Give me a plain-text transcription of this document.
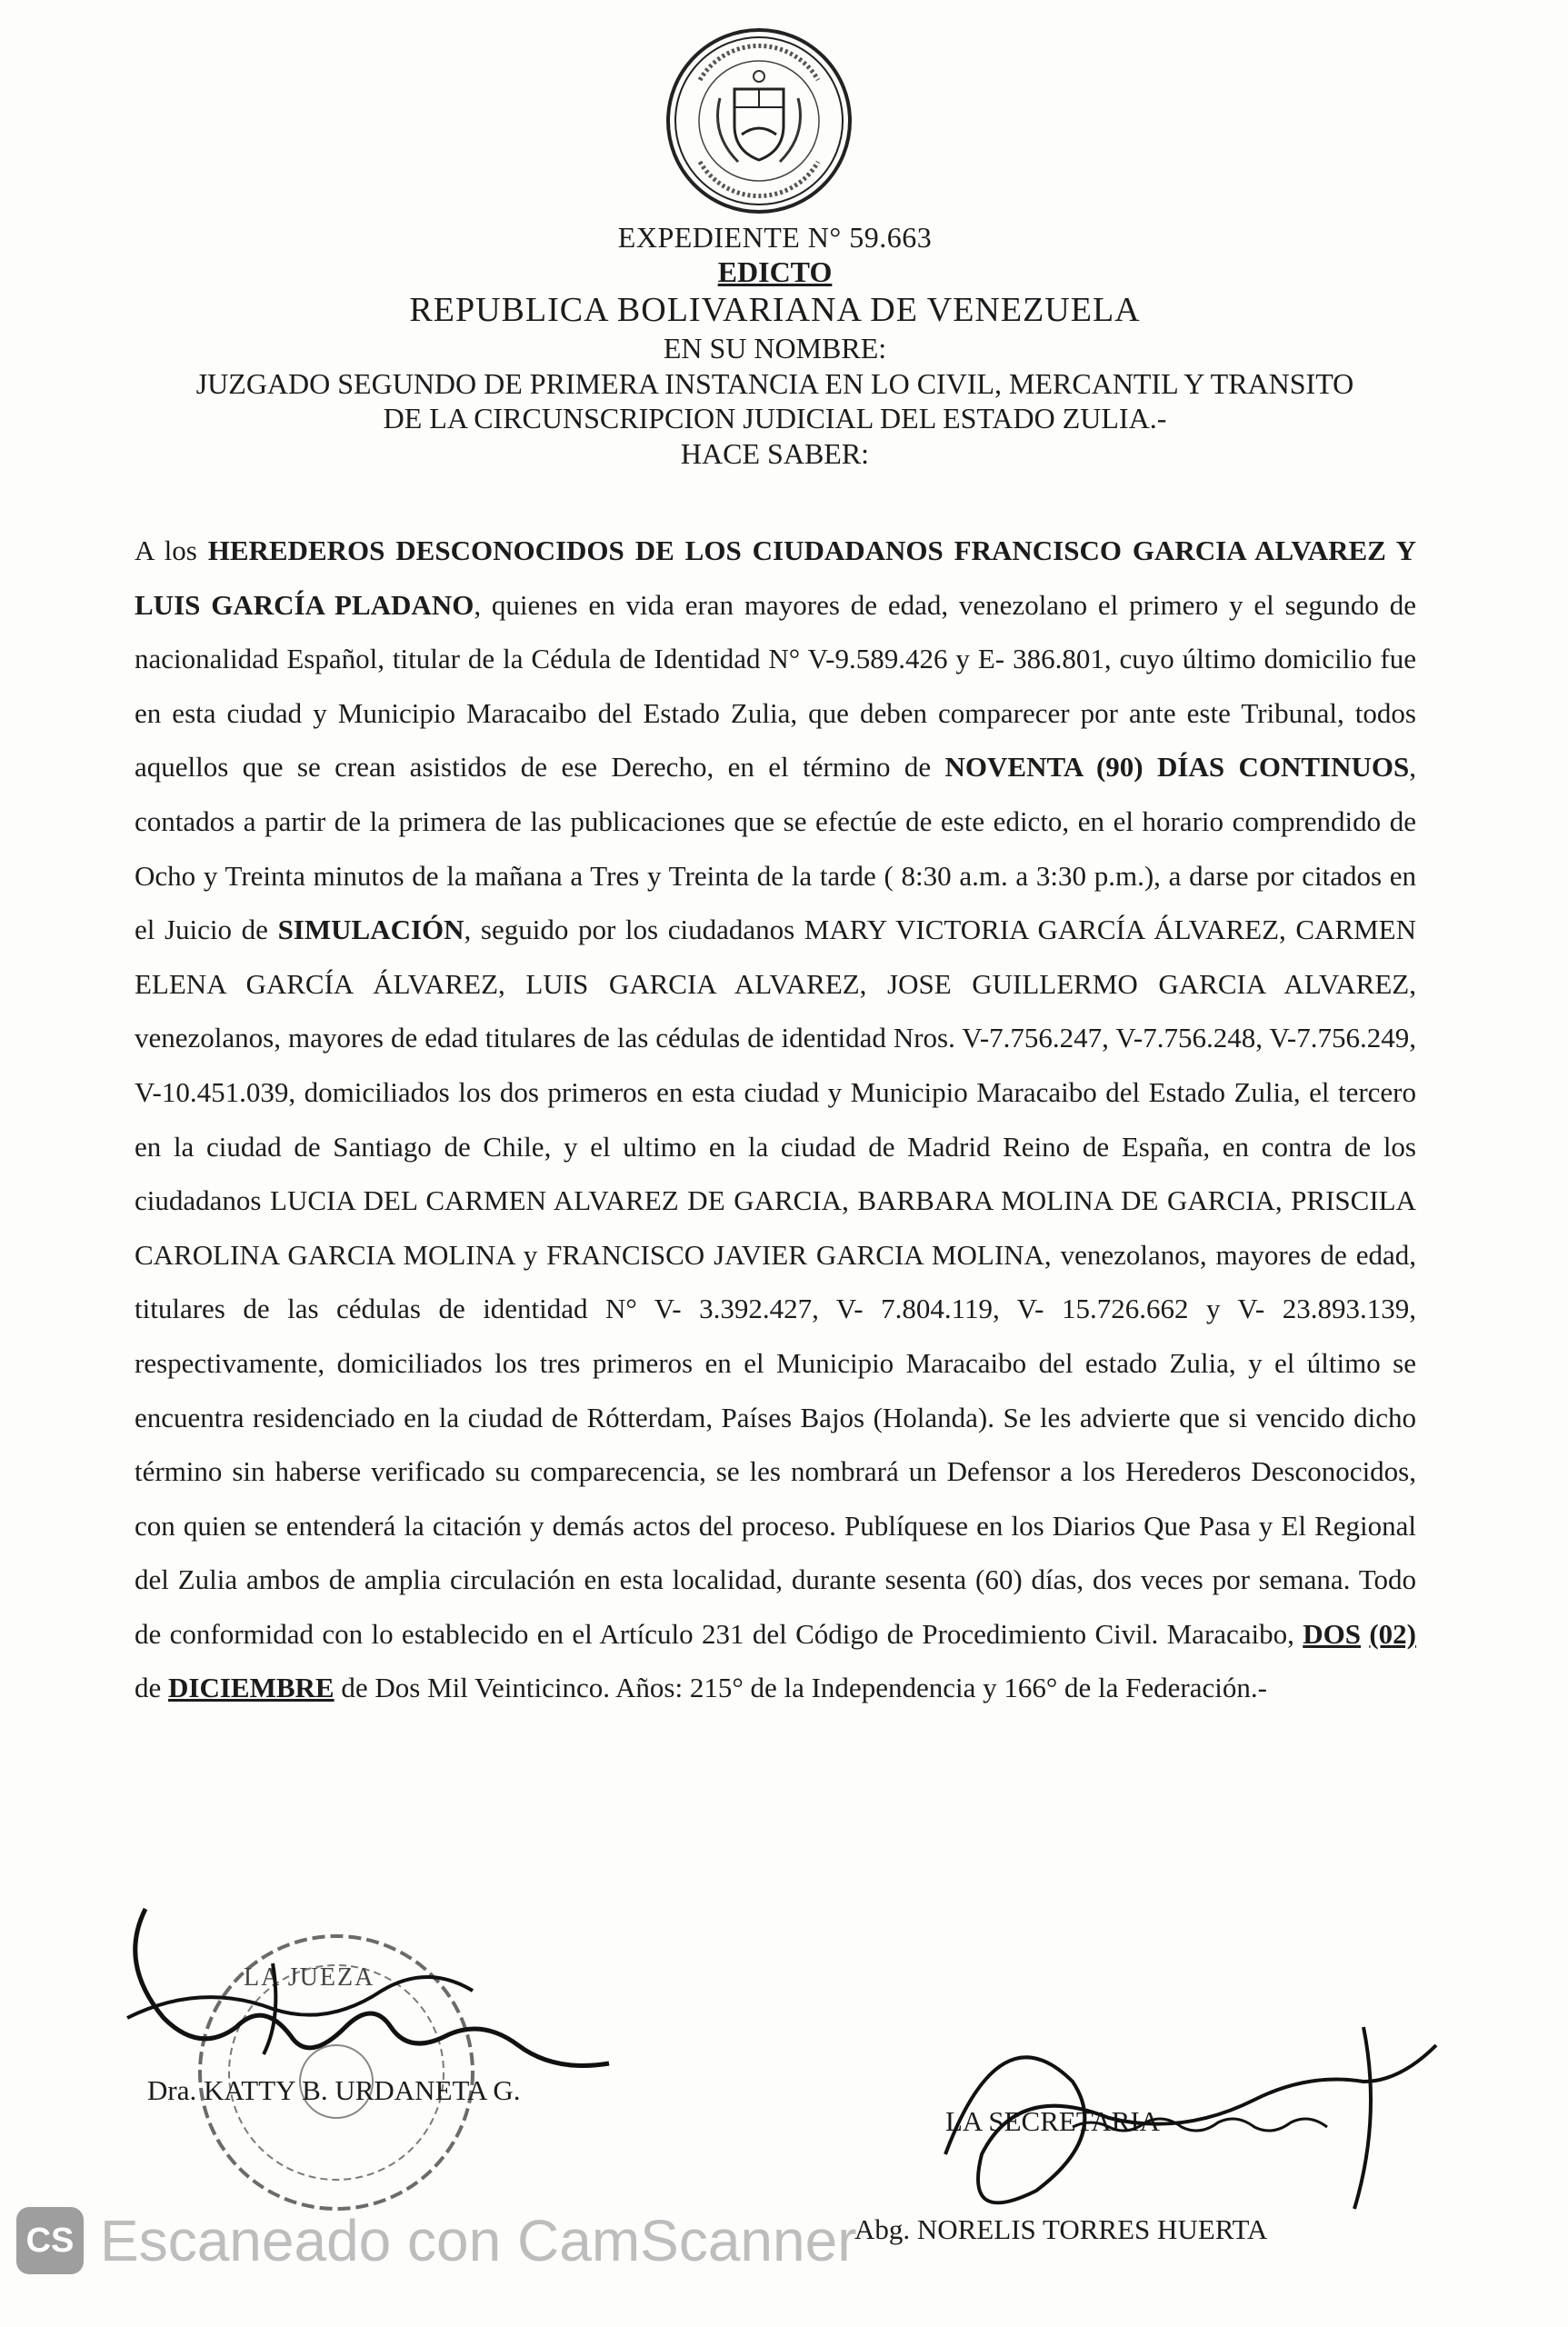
EXPEDIENTE N° 59.663
EDICTO
REPUBLICA BOLIVARIANA DE VENEZUELA
EN SU NOMBRE:
JUZGADO SEGUNDO DE PRIMERA INSTANCIA EN LO CIVIL, MERCANTIL Y TRANSITO
DE LA CIRCUNSCRIPCION JUDICIAL DEL ESTADO ZULIA.-
HACE SABER:

A los HEREDEROS DESCONOCIDOS DE LOS CIUDADANOS FRANCISCO GARCIA ALVAREZ Y LUIS GARCÍA PLADANO, quienes en vida eran mayores de edad, venezolano el primero y el segundo de nacionalidad Español, titular de la Cédula de Identidad N° V-9.589.426 y E- 386.801, cuyo último domicilio fue en esta ciudad y Municipio Maracaibo del Estado Zulia, que deben comparecer por ante este Tribunal, todos aquellos que se crean asistidos de ese Derecho, en el término de NOVENTA (90) DÍAS CONTINUOS, contados a partir de la primera de las publicaciones que se efectúe de este edicto, en el horario comprendido de Ocho y Treinta minutos de la mañana a Tres y Treinta de la tarde ( 8:30 a.m. a 3:30 p.m.), a darse por citados en el Juicio de SIMULACIÓN, seguido por los ciudadanos MARY VICTORIA GARCÍA ÁLVAREZ, CARMEN ELENA GARCÍA ÁLVAREZ, LUIS GARCIA ALVAREZ, JOSE GUILLERMO GARCIA ALVAREZ, venezolanos, mayores de edad titulares de las cédulas de identidad Nros. V-7.756.247, V-7.756.248, V-7.756.249, V-10.451.039, domiciliados los dos primeros en esta ciudad y Municipio Maracaibo del Estado Zulia, el tercero en la ciudad de Santiago de Chile, y el ultimo en la ciudad de Madrid Reino de España, en contra de los ciudadanos LUCIA DEL CARMEN ALVAREZ DE GARCIA, BARBARA MOLINA DE GARCIA, PRISCILA CAROLINA GARCIA MOLINA y FRANCISCO JAVIER GARCIA MOLINA, venezolanos, mayores de edad, titulares de las cédulas de identidad N° V- 3.392.427, V- 7.804.119, V- 15.726.662 y V- 23.893.139, respectivamente, domiciliados los tres primeros en el Municipio Maracaibo del estado Zulia, y el último se encuentra residenciado en la ciudad de Rótterdam, Países Bajos (Holanda). Se les advierte que si vencido dicho término sin haberse verificado su comparecencia, se les nombrará un Defensor a los Herederos Desconocidos, con quien se entenderá la citación y demás actos del proceso. Publíquese en los Diarios Que Pasa y El Regional del Zulia ambos de amplia circulación en esta localidad, durante sesenta (60) días, dos veces por semana. Todo de conformidad con lo establecido en el Artículo 231 del Código de Procedimiento Civil. Maracaibo, DOS (02) de DICIEMBRE de Dos Mil Veinticinco. Años: 215° de la Independencia y 166° de la Federación.-

LA JUEZA
Dra. KATTY B. URDANETA G.
LA SECRETARIA
Abg. NORELIS TORRES HUERTA
CS Escaneado con CamScanner
